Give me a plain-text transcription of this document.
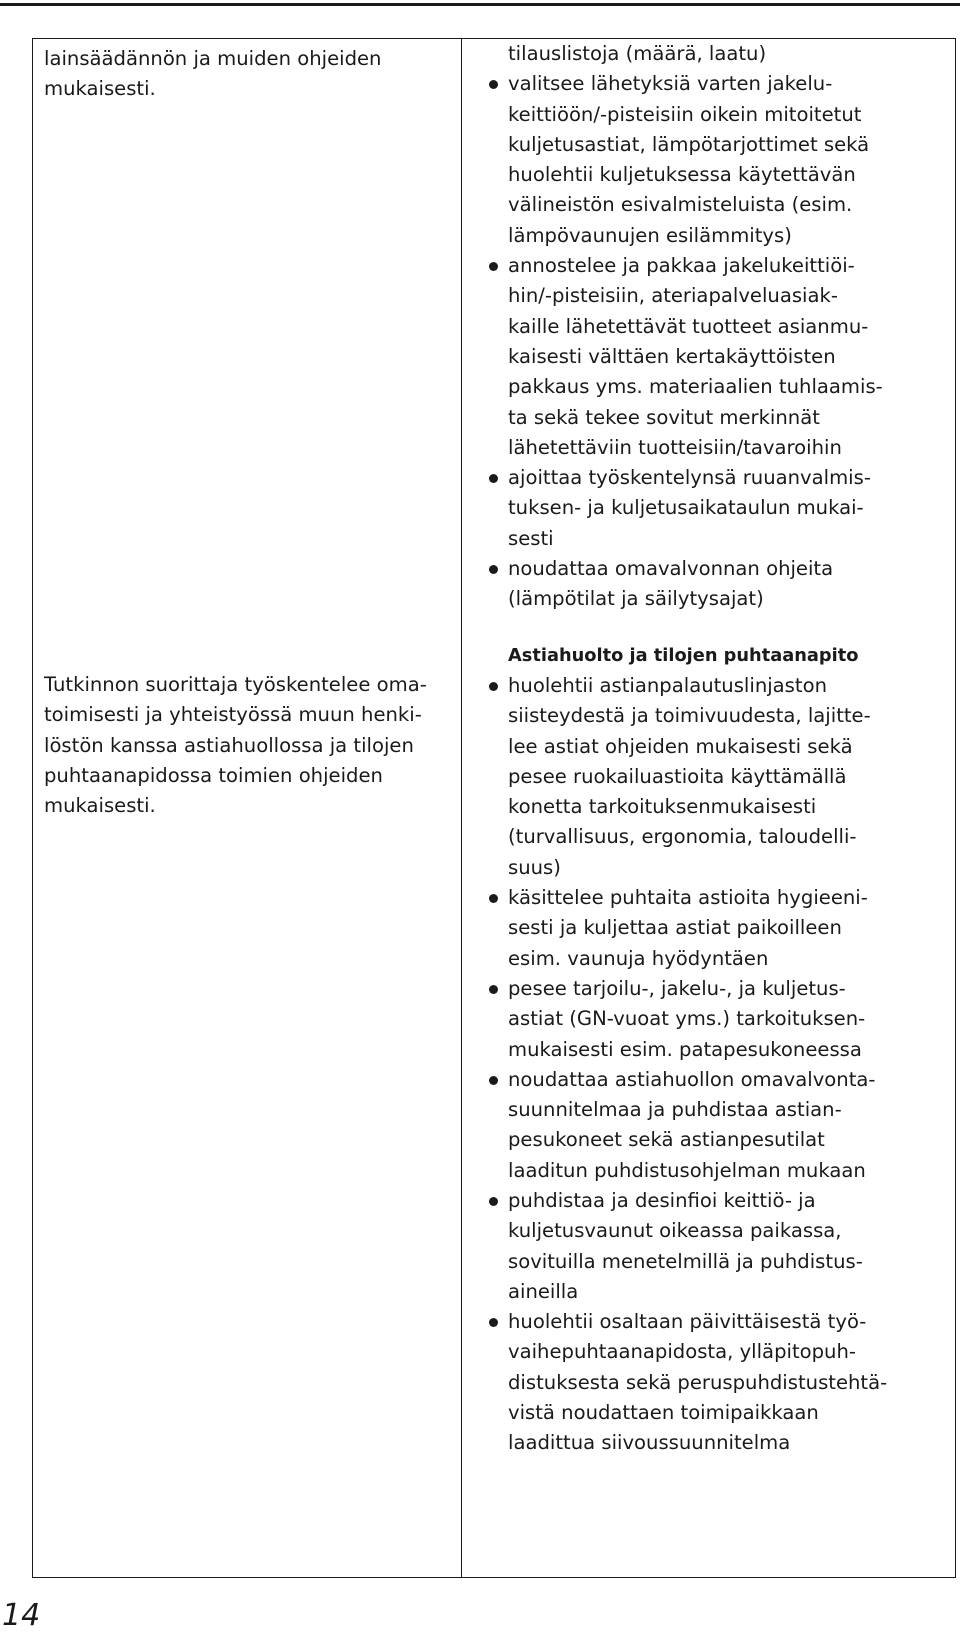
lainsäädännön ja muiden ohjeiden
mukaisesti.
Tutkinnon suorittaja työskentelee oma-
toimisesti ja yhteistyössä muun henki-
löstön kanssa astiahuollossa ja tilojen
puhtaanapidossa toimien ohjeiden
mukaisesti.
tilauslistoja (määrä, laatu)
valitsee lähetyksiä varten jakelu-
keittiöön/-pisteisiin oikein mitoitetut
kuljetusastiat, lämpötarjottimet sekä
huolehtii kuljetuksessa käytettävän
välineistön esivalmisteluista (esim.
lämpövaunujen esilämmitys)
annostelee ja pakkaa jakelukeittiöi-
hin/-pisteisiin, ateriapalveluasiak-
kaille lähetettävät tuotteet asianmu-
kaisesti välttäen kertakäyttöisten
pakkaus yms. materiaalien tuhlaamis-
ta sekä tekee sovitut merkinnät
lähetettäviin tuotteisiin/tavaroihin
ajoittaa työskentelynsä ruuanvalmis-
tuksen- ja kuljetusaikataulun mukai-
sesti
noudattaa omavalvonnan ohjeita
(lämpötilat ja säilytysajat)
Astiahuolto ja tilojen puhtaanapito
huolehtii astianpalautuslinjaston
siisteydestä ja toimivuudesta, lajitte-
lee astiat ohjeiden mukaisesti sekä
pesee ruokailuastioita käyttämällä
konetta tarkoituksenmukaisesti
(turvallisuus, ergonomia, taloudelli-
suus)
käsittelee puhtaita astioita hygieeni-
sesti ja kuljettaa astiat paikoilleen
esim. vaunuja hyödyntäen
pesee tarjoilu-, jakelu-, ja kuljetus-
astiat (GN-vuoat yms.) tarkoituksen-
mukaisesti esim. patapesukoneessa
noudattaa astiahuollon omavalvonta-
suunnitelmaa ja puhdistaa astian-
pesukoneet sekä astianpesutilat
laaditun puhdistusohjelman mukaan
puhdistaa ja desinfioi keittiö- ja
kuljetusvaunut oikeassa paikassa,
sovituilla menetelmillä ja puhdistus-
aineilla
huolehtii osaltaan päivittäisestä työ-
vaihepuhtaanapidosta, ylläpitopuh-
distuksesta sekä peruspuhdistustehtä-
vistä noudattaen toimipaikkaan
laadittua siivoussuunnitelma
14
